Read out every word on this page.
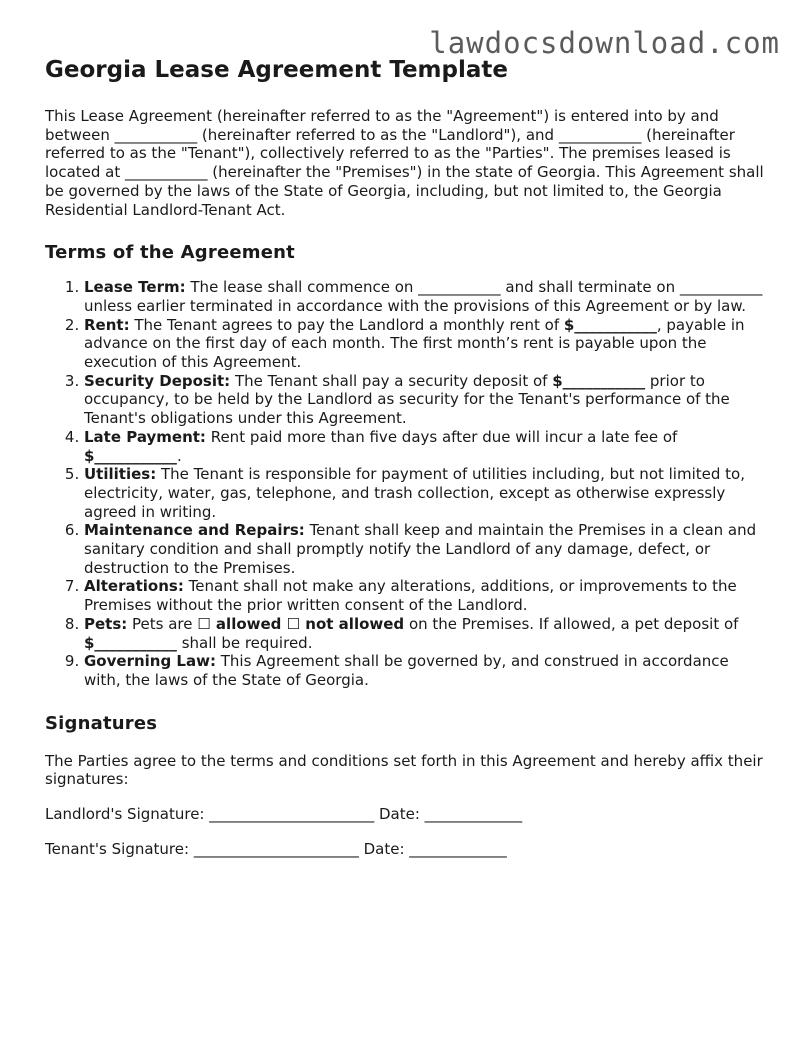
lawdocsdownload.com
Georgia Lease Agreement Template

This Lease Agreement (hereinafter referred to as the "Agreement") is entered into by and between ___________ (hereinafter referred to as the "Landlord"), and ___________ (hereinafter referred to as the "Tenant"), collectively referred to as the "Parties". The premises leased is located at ___________ (hereinafter the "Premises") in the state of Georgia. This Agreement shall be governed by the laws of the State of Georgia, including, but not limited to, the Georgia Residential Landlord-Tenant Act.

Terms of the Agreement
1. Lease Term: The lease shall commence on ___________ and shall terminate on ___________ unless earlier terminated in accordance with the provisions of this Agreement or by law.
2. Rent: The Tenant agrees to pay the Landlord a monthly rent of $___________, payable in advance on the first day of each month. The first month’s rent is payable upon the execution of this Agreement.
3. Security Deposit: The Tenant shall pay a security deposit of $___________ prior to occupancy, to be held by the Landlord as security for the Tenant's performance of the Tenant's obligations under this Agreement.
4. Late Payment: Rent paid more than five days after due will incur a late fee of $___________.
5. Utilities: The Tenant is responsible for payment of utilities including, but not limited to, electricity, water, gas, telephone, and trash collection, except as otherwise expressly agreed in writing.
6. Maintenance and Repairs: Tenant shall keep and maintain the Premises in a clean and sanitary condition and shall promptly notify the Landlord of any damage, defect, or destruction to the Premises.
7. Alterations: Tenant shall not make any alterations, additions, or improvements to the Premises without the prior written consent of the Landlord.
8. Pets: Pets are ☐ allowed ☐ not allowed on the Premises. If allowed, a pet deposit of $___________ shall be required.
9. Governing Law: This Agreement shall be governed by, and construed in accordance with, the laws of the State of Georgia.
Signatures

The Parties agree to the terms and conditions set forth in this Agreement and hereby affix their signatures:

Landlord's Signature: ______________________ Date: _____________
Tenant's Signature: ______________________ Date: _____________
